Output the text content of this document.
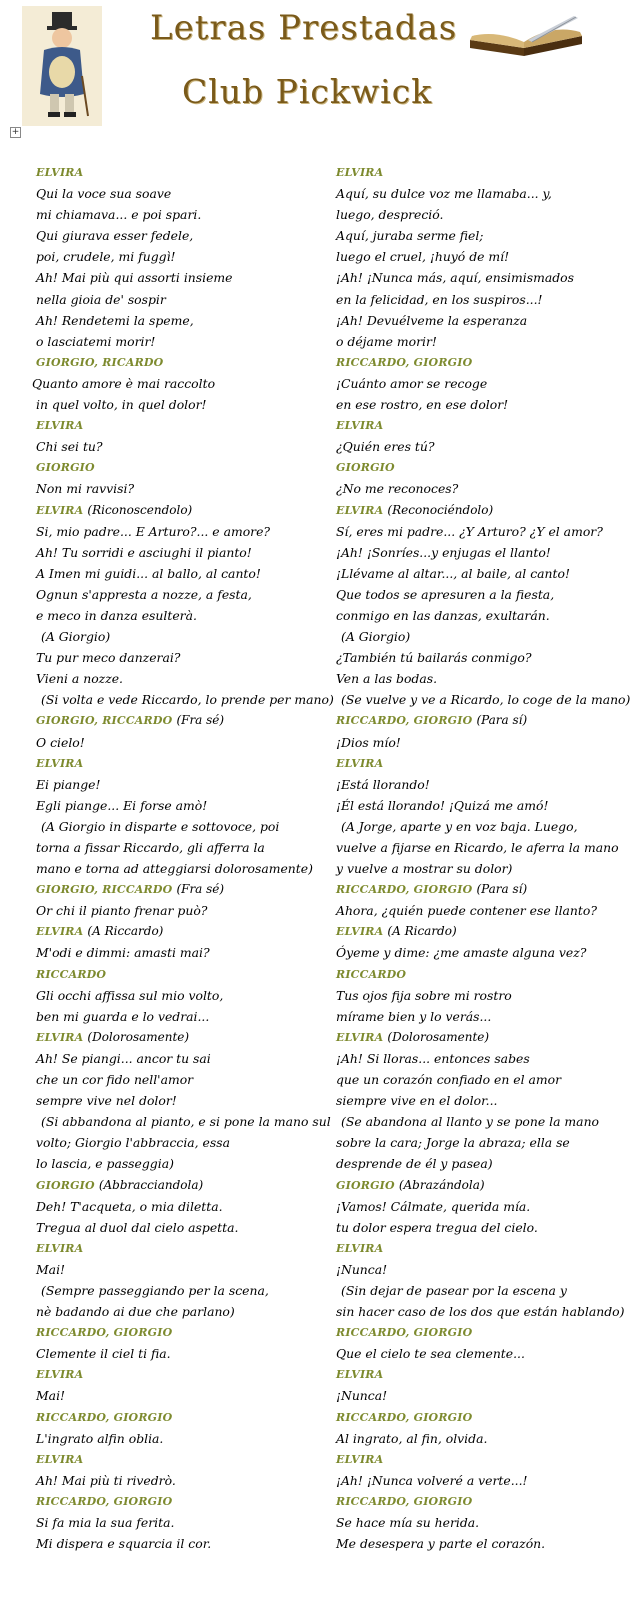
Letras Prestadas
Club Pickwick
+
ELVIRA
Qui la voce sua soave
mi chiamava... e poi spari.
Qui giurava esser fedele,
poi, crudele, mi fuggì!
Ah! Mai più qui assorti insieme
nella gioia de' sospir
Ah! Rendetemi la speme,
o lasciatemi morir!
GIORGIO, RICARDO
Quanto amore è mai raccolto
in quel volto, in quel dolor!
ELVIRA
Chi sei tu?
GIORGIO
Non mi ravvisi?
ELVIRA (Riconoscendolo)
Si, mio padre... E Arturo?... e amore?
Ah! Tu sorridi e asciughi il pianto!
A Imen mi guidi... al ballo, al canto!
Ognun s'appresta a nozze, a festa,
e meco in danza esulterà.
(A Giorgio)
Tu pur meco danzerai?
Vieni a nozze.
(Si volta e vede Riccardo, lo prende per mano)
GIORGIO, RICCARDO (Fra sé)
O cielo!
ELVIRA
Ei piange!
Egli piange... Ei forse amò!
(A Giorgio in disparte e sottovoce, poi
torna a fissar Riccardo, gli afferra la
mano e torna ad atteggiarsi dolorosamente)
GIORGIO, RICCARDO (Fra sé)
Or chi il pianto frenar può?
ELVIRA (A Riccardo)
M'odi e dimmi: amasti mai?
RICCARDO
Gli occhi affissa sul mio volto,
ben mi guarda e lo vedrai...
ELVIRA (Dolorosamente)
Ah! Se piangi... ancor tu sai
che un cor fido nell'amor
sempre vive nel dolor!
(Si abbandona al pianto, e si pone la mano sul
volto; Giorgio l'abbraccia, essa
lo lascia, e passeggia)
GIORGIO (Abbracciandola)
Deh! T'acqueta, o mia diletta.
Tregua al duol dal cielo aspetta.
ELVIRA
Mai!
(Sempre passeggiando per la scena,
nè badando ai due che parlano)
RICCARDO, GIORGIO
Clemente il ciel ti fia.
ELVIRA
Mai!
RICCARDO, GIORGIO
L'ingrato alfin oblia.
ELVIRA
Ah! Mai più ti rivedrò.
RICCARDO, GIORGIO
Si fa mia la sua ferita.
Mi dispera e squarcia il cor.
ELVIRA
Aquí, su dulce voz me llamaba... y,
luego, despreció.
Aquí, juraba serme fiel;
luego el cruel, ¡huyó de mí!
¡Ah! ¡Nunca más, aquí, ensimismados
en la felicidad, en los suspiros...!
¡Ah! Devuélveme la esperanza
o déjame morir!
RICCARDO, GIORGIO
¡Cuánto amor se recoge
en ese rostro, en ese dolor!
ELVIRA
¿Quién eres tú?
GIORGIO
¿No me reconoces?
ELVIRA (Reconociéndolo)
Sí, eres mi padre... ¿Y Arturo? ¿Y el amor?
¡Ah! ¡Sonríes...y enjugas el llanto!
¡Llévame al altar..., al baile, al canto!
Que todos se apresuren a la fiesta,
conmigo en las danzas, exultarán.
(A Giorgio)
¿También tú bailarás conmigo?
Ven a las bodas.
(Se vuelve y ve a Ricardo, lo coge de la mano)
RICCARDO, GIORGIO (Para sí)
¡Dios mío!
ELVIRA
¡Está llorando!
¡Él está llorando! ¡Quizá me amó!
(A Jorge, aparte y en voz baja. Luego,
vuelve a fijarse en Ricardo, le aferra la mano
y vuelve a mostrar su dolor)
RICCARDO, GIORGIO (Para sí)
Ahora, ¿quién puede contener ese llanto?
ELVIRA (A Ricardo)
Óyeme y dime: ¿me amaste alguna vez?
RICCARDO
Tus ojos fija sobre mi rostro
mírame bien y lo verás...
ELVIRA (Dolorosamente)
¡Ah! Si lloras... entonces sabes
que un corazón confiado en el amor
siempre vive en el dolor...
(Se abandona al llanto y se pone la mano
sobre la cara; Jorge la abraza; ella se
desprende de él y pasea)
GIORGIO (Abrazándola)
¡Vamos! Cálmate, querida mía.
tu dolor espera tregua del cielo.
ELVIRA
¡Nunca!
(Sin dejar de pasear por la escena y
sin hacer caso de los dos que están hablando)
RICCARDO, GIORGIO
Que el cielo te sea clemente...
ELVIRA
¡Nunca!
RICCARDO, GIORGIO
Al ingrato, al fin, olvida.
ELVIRA
¡Ah! ¡Nunca volveré a verte...!
RICCARDO, GIORGIO
Se hace mía su herida.
Me desespera y parte el corazón.
